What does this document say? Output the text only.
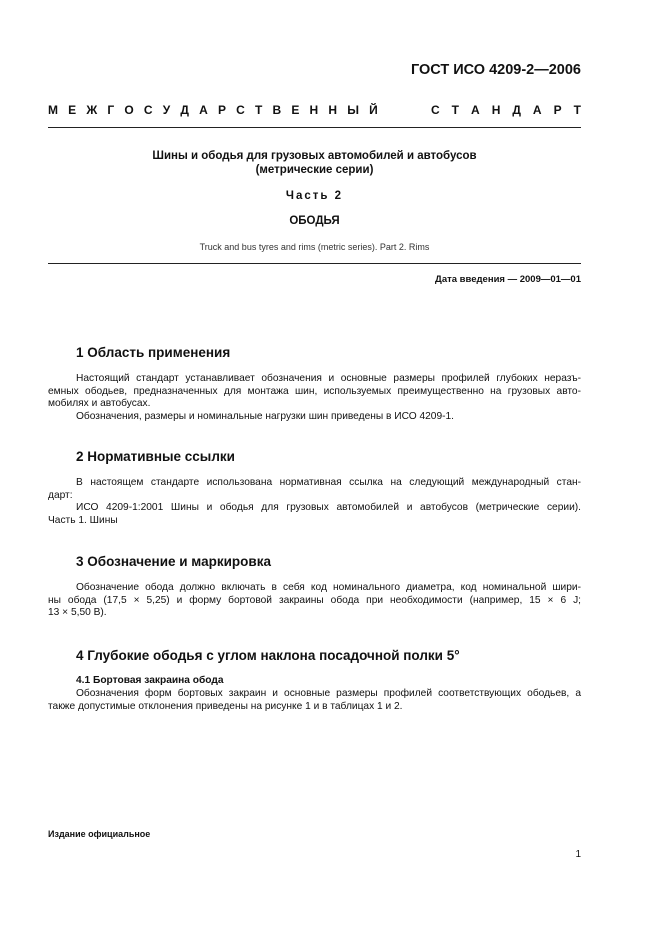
ГОСТ ИСО 4209-2—2006
М Е Ж Г О С У Д А Р С Т В Е Н Н Ы Й	С Т А Н Д А Р Т
Шины и ободья для грузовых автомобилей и автобусов
(метрические серии)
Часть 2
ОБОДЬЯ
Truck and bus tyres and rims (metric series). Part 2. Rims
Дата введения — 2009—01—01
1 Область применения

Настоящий стандарт устанавливает обозначения и основные размеры профилей глубоких неразъ-
емных ободьев, предназначенных для монтажа шин, используемых преимущественно на грузовых авто-
мобилях и автобусах.
Обозначения, размеры и номинальные нагрузки шин приведены в ИСО 4209-1.

2 Нормативные ссылки

В настоящем стандарте использована нормативная ссылка на следующий международный стан-
дарт:
ИСО 4209-1:2001 Шины и ободья для грузовых автомобилей и автобусов (метрические серии).
Часть 1. Шины

3 Обозначение и маркировка

Обозначение обода должно включать в себя код номинального диаметра, код номинальной шири-
ны обода (17,5 × 5,25) и форму бортовой закраины обода при необходимости (например, 15 × 6 J;
13 × 5,50 B).

4 Глубокие ободья с углом наклона посадочной полки 5°
4.1 Бортовая закраина обода

Обозначения форм бортовых закраин и основные размеры профилей соответствующих ободьев, а
также допустимые отклонения приведены на рисунке 1 и в таблицах 1 и 2.

Издание официальное
1
